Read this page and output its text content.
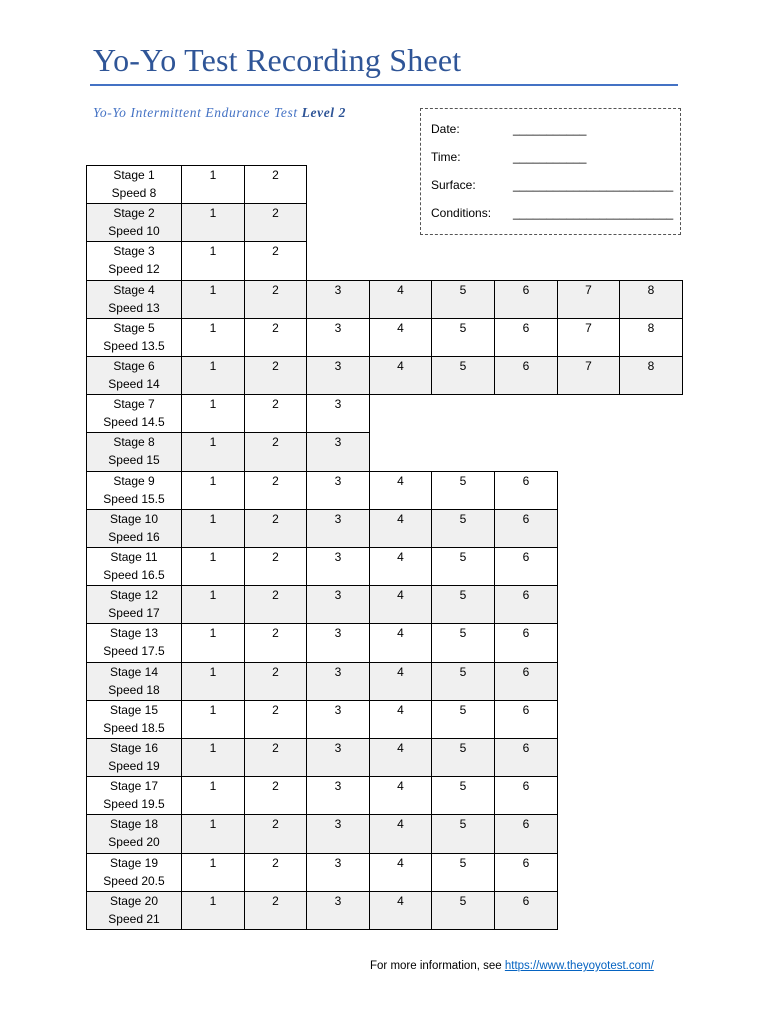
Yo-Yo Test Recording Sheet
Yo-Yo Intermittent Endurance Test Level 2
Date:	___________
Time:	___________
Surface:	________________________
Conditions: ________________________
Stage 1
Speed 8
1	2
Stage 2
Speed 10
1	2
Stage 3
Speed 12
1	2
Stage 4
Speed 13
1	2	3	4	5	6	7	8
Stage 5
Speed 13.5
1	2	3	4	5	6	7	8
Stage 6
Speed 14
1	2	3	4	5	6	7	8
Stage 7
Speed 14.5
1	2	3
Stage 8
Speed 15
1	2	3
Stage 9
Speed 15.5
1	2	3	4	5	6
Stage 10
Speed 16
1	2	3	4	5	6
Stage 11
Speed 16.5
1	2	3	4	5	6
Stage 12
Speed 17
1	2	3	4	5	6
Stage 13
Speed 17.5
1	2	3	4	5	6
Stage 14
Speed 18
1	2	3	4	5	6
Stage 15
Speed 18.5
1	2	3	4	5	6
Stage 16
Speed 19
1	2	3	4	5	6
Stage 17
Speed 19.5
1	2	3	4	5	6
Stage 18
Speed 20
1	2	3	4	5	6
Stage 19
Speed 20.5
1	2	3	4	5	6
Stage 20
Speed 21
1	2	3	4	5	6
For more information, see https://www.theyoyotest.com/
